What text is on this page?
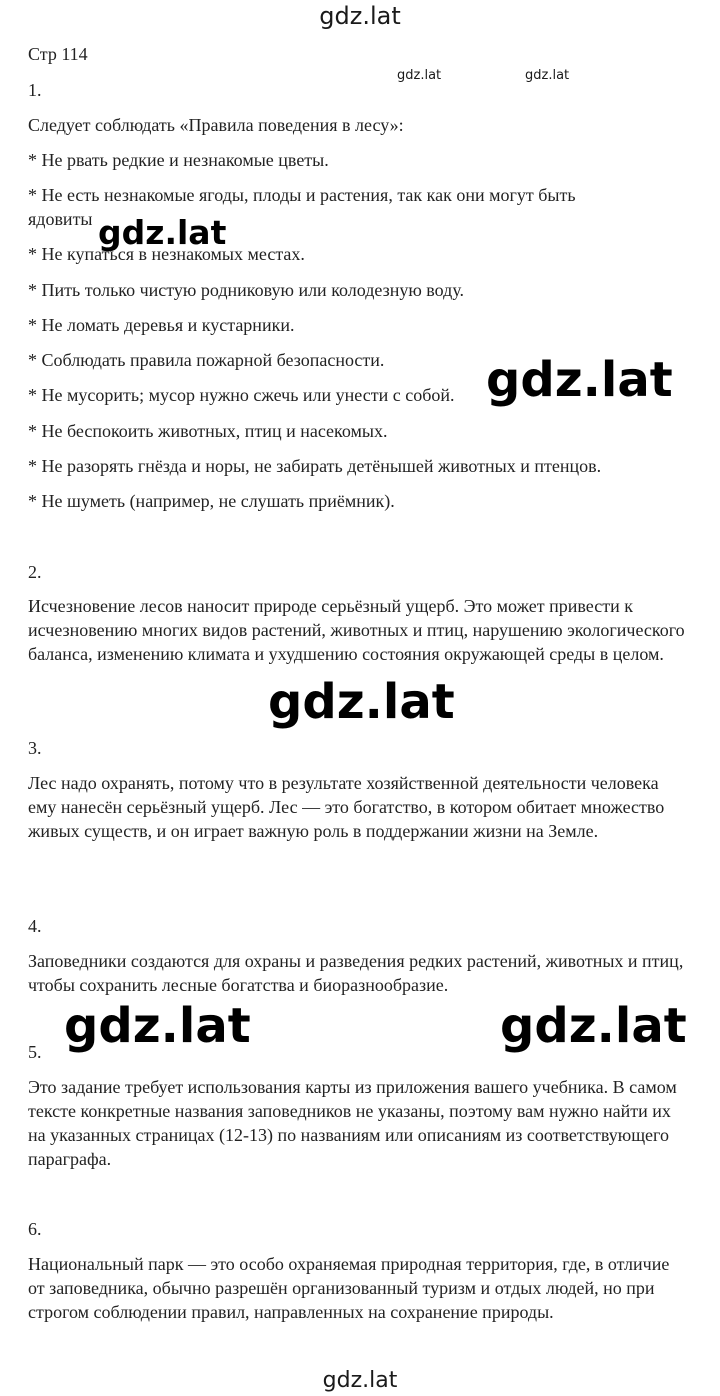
gdz.lat
Стр 114
gdz.lat	gdz.lat
1.
Следует соблюдать «Правила поведения в лесу»:
* Не рвать редкие и незнакомые цветы.
* Не есть незнакомые ягоды, плоды и растения, так как они могут быть
ядовиты
* Не купаться в незнакомых местах.
* Пить только чистую родниковую или колодезную воду.
* Не ломать деревья и кустарники.
* Соблюдать правила пожарной безопасности.
* Не мусорить; мусор нужно сжечь или унести с собой.
* Не беспокоить животных, птиц и насекомых.
* Не разорять гнёзда и норы, не забирать детёнышей животных и птенцов.
* Не шуметь (например, не слушать приёмник).
gdz.lat
gdz.lat
2.

Исчезновение лесов наносит природе серьёзный ущерб. Это может привести к исчезновению многих видов растений, животных и птиц, нарушению экологического баланса, изменению климата и ухудшению состояния окружающей среды в целом.

gdz.lat
3.

Лес надо охранять, потому что в результате хозяйственной деятельности человека ему нанесён серьёзный ущерб. Лес — это богатство, в котором обитает множество живых существ, и он играет важную роль в поддержании жизни на Земле.

4.

Заповедники создаются для охраны и разведения редких растений, животных и птиц, чтобы сохранить лесные богатства и биоразнообразие.

gdz.lat	gdz.lat
5.

Это задание требует использования карты из приложения вашего учебника. В самом тексте конкретные названия заповедников не указаны, поэтому вам нужно найти их на указанных страницах (12-13) по названиям или описаниям из соответствующего параграфа.

6.

Национальный парк — это особо охраняемая природная территория, где, в отличие от заповедника, обычно разрешён организованный туризм и отдых людей, но при строгом соблюдении правил, направленных на сохранение природы.

gdz.lat
